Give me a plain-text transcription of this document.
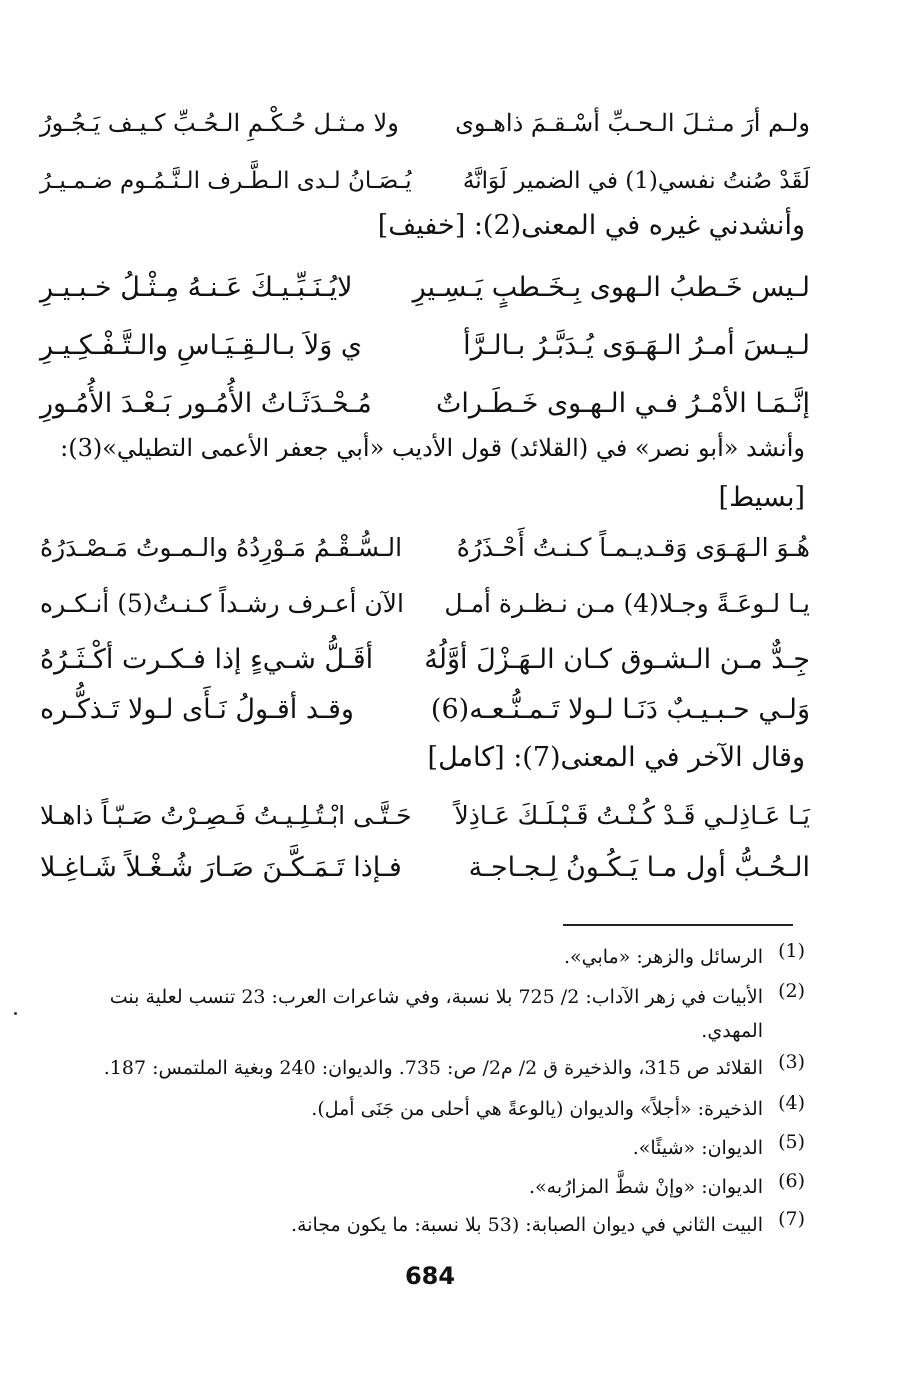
ولـم أرَ مـثـلَ الـحـبِّ أسْـقـمَ ذاهـوى
ولا مـثـل حُـكْـمِ الـحُـبِّ كـيـف يَـجُـورُ
لَقَدْ صُنتُ نفسي(1) في الضمير لَوَانَّهُ
يُـصَـانُ لـدى الـطَّـرف الـنَّـمُـوم ضـمـيـرُ
وأنشدني غيره في المعنى(2): [خفيف]
لـيس خَـطبُ الـهوى بِـخَـطبٍ يَـسِـيرِ
لايُـنَـبِّـيـكَ عَـنـهُ مِـثْـلُ خـبـيـرِ
لـيـسَ أمـرُ الـهَـوَى يُـدَبَّـرُ بـالـرَّأ
ي وَلاَ بـالـقِـيَـاسِ والـتَّـفْـكِـيـرِ
إنَّـمَـا الأمْـرُ فـي الـهـوى خَـطَـراتٌ
مُـحْـدَثَـاتُ الأُمُـور بَـعْـدَ الأُمُـورِ
وأنشد «أبو نصر» في (القلائد) قول الأديب «أبي جعفر الأعمى التطيلي»(3):
[بسيط]
هُـوَ الـهَـوَى وَقـديـمـاً كـنـتُ أَحْـذَرُهُ
الـسُّـقْـمُ مَـوْرِدُهُ والـمـوتُ مَـصْـدَرُهُ
يـا لـوعَـةً وجـلا(4) مـن نـظـرة أمـل
الآن أعـرف رشـداً كـنـتُ(5) أنـكـره
جِـدٌّ مـن الـشـوق كـان الـهَـزْلَ أوَّلُهُ
أقَـلُّ شـيءٍ إذا فـكـرت أكْـثَـرُهُ
وَلـي حـبـيـبٌ دَنَـا لـولا تَـمـنُّـعـه(6)
وقـد أقـولُ نَـأَى لـولا تَـذكُّـره
وقال الآخر في المعنى(7): [كامل]
يَـا عَـاذِلـي قَـدْ كُـنْـتُ قَـبْـلَـكَ عَـاذِلاً
حَـتَّـى ابْـتُـلِـيـتُ فَـصِـرْتُ صَـبّـاً ذاهـلا
الـحُـبُّ أول مـا يَـكُـونُ لِـجـاجـة
فـإذا تَـمَـكَّـنَ صَـارَ شُـغْـلاً شَـاغِـلا
(1)
الرسائل والزهر: «مابي».
(2)
الأبيات في زهر الآداب: 2/ 725 بلا نسبة، وفي شاعرات العرب: 23 تنسب لعلية بنت المهدي.
(3)
القلائد ص 315، والذخيرة ق 2/ م2/ ص: 735. والديوان: 240 وبغية الملتمس: 187.
(4)
الذخيرة: «أجلاً» والديوان (يالوعةً هي أحلى من جَنَى أمل).
(5)
الديوان: «شيئًا».
(6)
الديوان: «وإنْ شطَّ المزارُبه».
(7)
البيت الثاني في ديوان الصبابة: (53 بلا نسبة: ما يكون مجانة.
684
